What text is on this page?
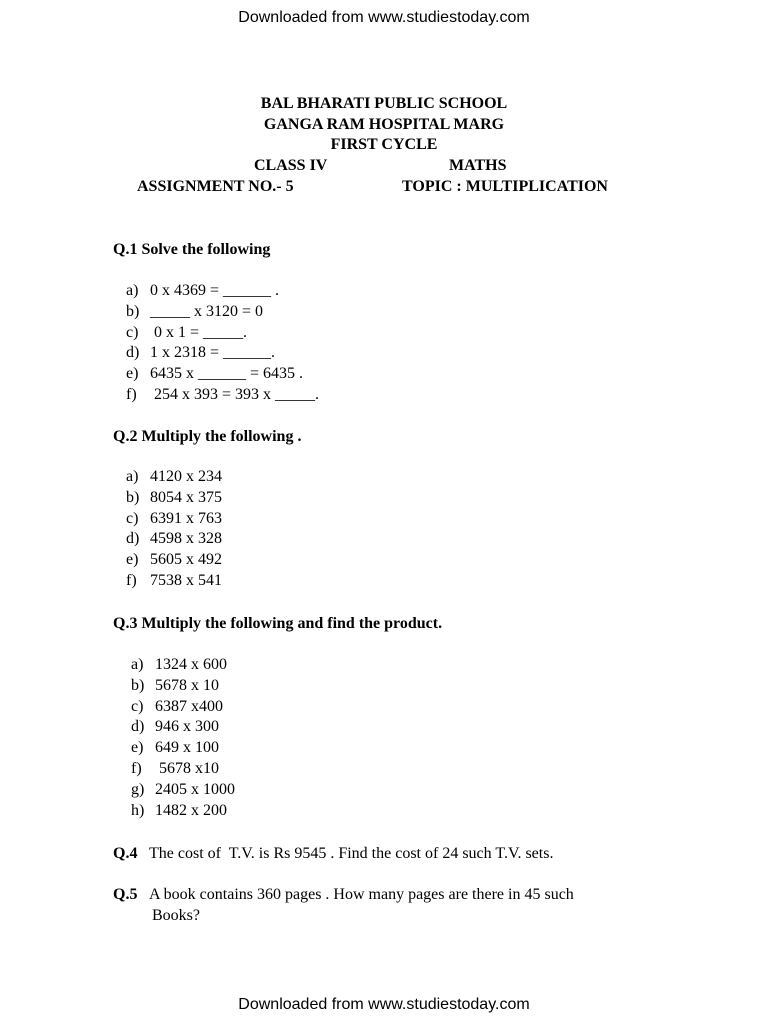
Downloaded from www.studiestoday.com
BAL BHARATI PUBLIC SCHOOL
GANGA RAM HOSPITAL MARG
FIRST CYCLE
CLASS IV	MATHS
ASSIGNMENT NO.- 5	TOPIC : MULTIPLICATION
Q.1 Solve the following
a) 0 x 4369 = ______ .
b) _____ x 3120 = 0
c) 0 x 1 = _____.
d) 1 x 2318 = ______.
e) 6435 x ______ = 6435 .
f) 254 x 393 = 393 x _____.
Q.2 Multiply the following .
a) 4120 x 234
b) 8054 x 375
c) 6391 x 763
d) 4598 x 328
e) 5605 x 492
f) 7538 x 541
Q.3 Multiply the following and find the product.
a) 1324 x 600
b) 5678 x 10
c) 6387 x400
d) 946 x 300
e) 649 x 100
f) 5678 x10
g) 2405 x 1000
h) 1482 x 200
Q.4 The cost of  T.V. is Rs 9545 . Find the cost of 24 such T.V. sets.
Q.5 A book contains 360 pages . How many pages are there in 45 such
Books?
Downloaded from www.studiestoday.com
